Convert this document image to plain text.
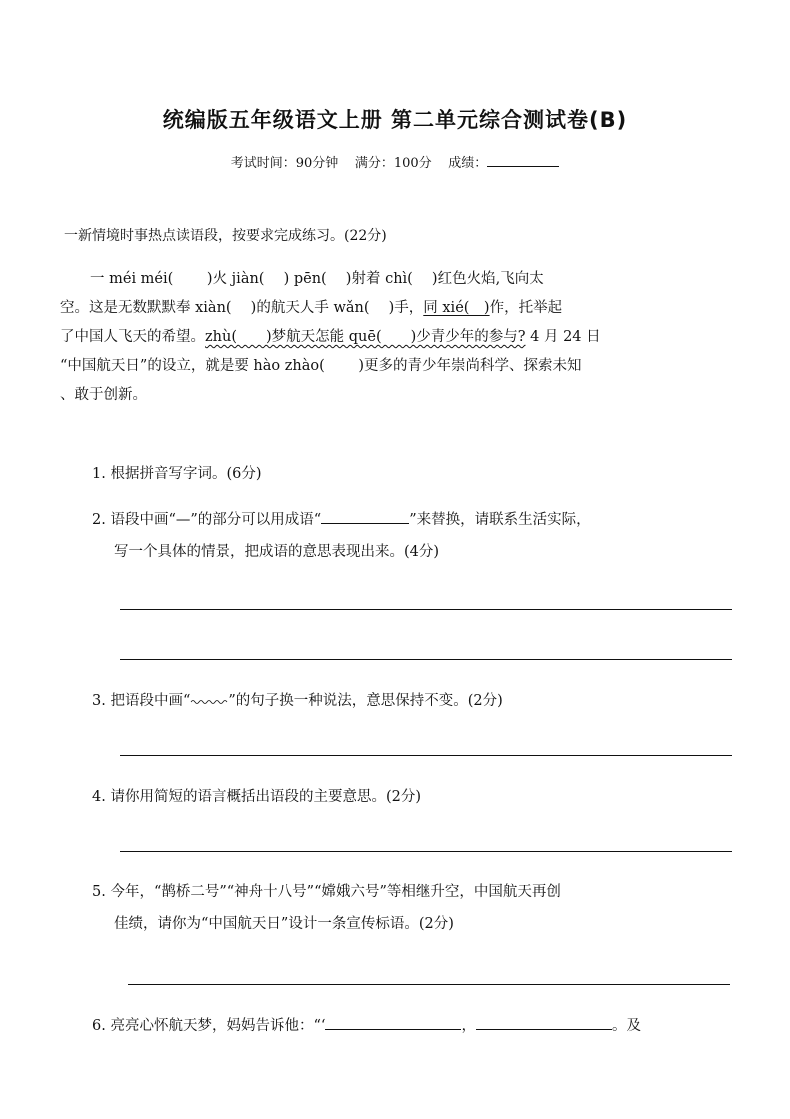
统编版五年级语文上册 第二单元综合测试卷(B)
考试时间：90分钟 满分：100分 成绩：
一新情境时事热点读语段，按要求完成练习。(22分)
一 méi méi(　　 )火 jiàn(　 ) pēn(　 )射着 chì(　 )红色火焰,飞向太
空。这是无数默默奉 xiàn(　 )的航天人手 wǎn(　 )手，同 xié(　)作，托举起
了中国人飞天的希望。zhù(　　)梦航天怎能 quē(　　)少青少年的参与? 4 月 24 日
“中国航天日”的设立，就是要 hào zhào(　　 )更多的青少年崇尚科学、探索未知
、敢于创新。
1. 根据拼音写字词。(6分)
2. 语段中画“—”的部分可以用成语“	”来替换，请联系生活实际，
写一个具体的情景，把成语的意思表现出来。(4分)
3. 把语段中画“	”的句子换一种说法，意思保持不变。(2分)
4. 请你用简短的语言概括出语段的主要意思。(2分)
5. 今年，“鹊桥二号”“神舟十八号”“嫦娥六号”等相继升空，中国航天再创
佳绩，请你为“中国航天日”设计一条宣传标语。(2分)
6. 亮亮心怀航天梦，妈妈告诉他：“‘	，	。及
